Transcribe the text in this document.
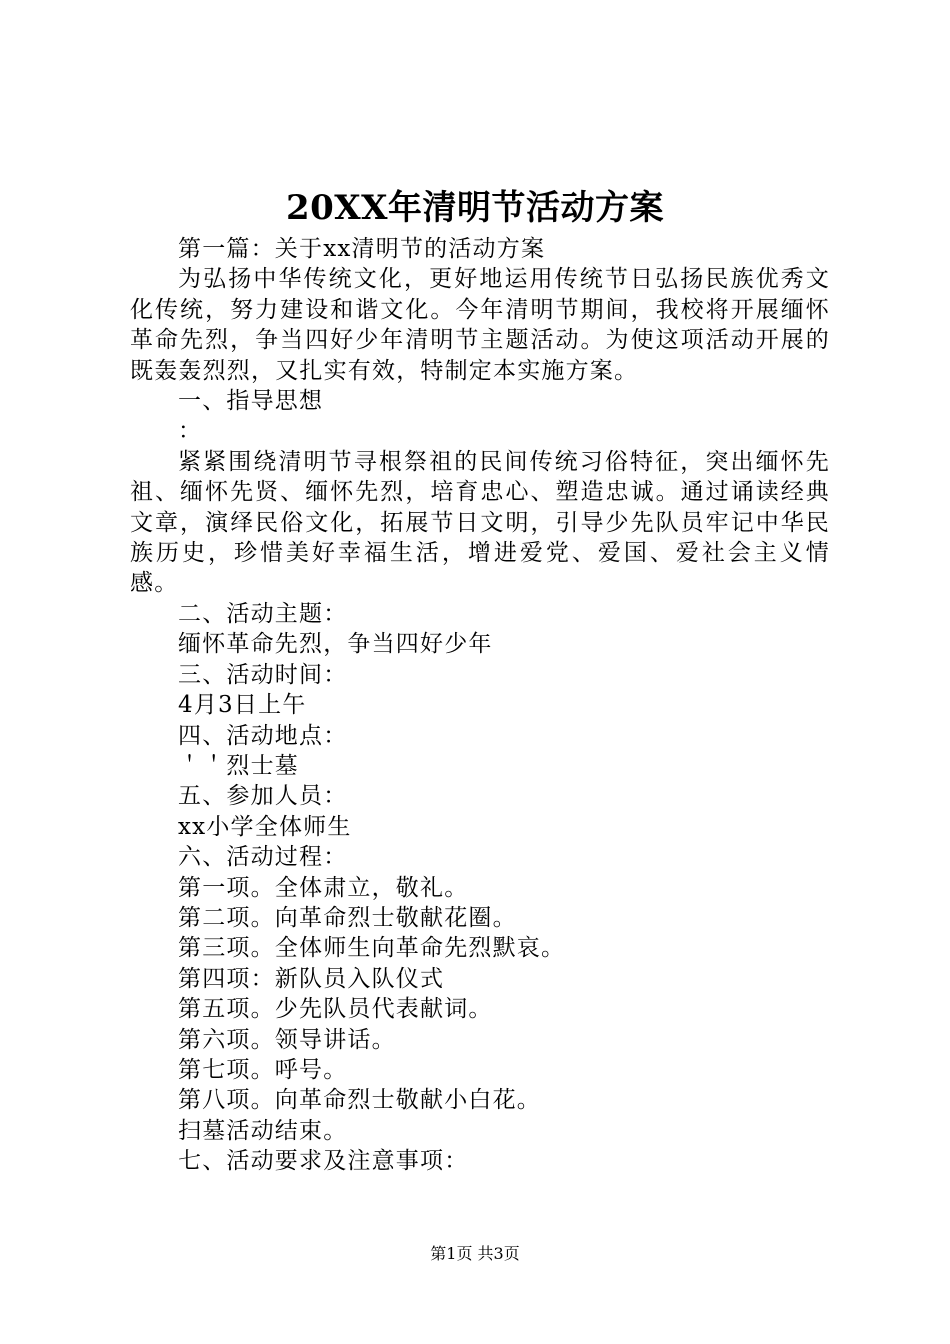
20XX年清明节活动方案

第一篇：关于xx清明节的活动方案

为弘扬中华传统文化，更好地运用传统节日弘扬民族优秀文化传统，努力建设和谐文化。今年清明节期间，我校将开展缅怀革命先烈，争当四好少年清明节主题活动。为使这项活动开展的既轰轰烈烈，又扎实有效，特制定本实施方案。

一、指导思想

：

紧紧围绕清明节寻根祭祖的民间传统习俗特征，突出缅怀先祖、缅怀先贤、缅怀先烈，培育忠心、塑造忠诚。通过诵读经典文章，演绎民俗文化，拓展节日文明，引导少先队员牢记中华民族历史，珍惜美好幸福生活，增进爱党、爱国、爱社会主义情感。

二、活动主题：

缅怀革命先烈，争当四好少年

三、活动时间：

4月3日上午

四、活动地点：

＇＇烈士墓

五、参加人员：

xx小学全体师生

六、活动过程：

第一项。全体肃立，敬礼。

第二项。向革命烈士敬献花圈。

第三项。全体师生向革命先烈默哀。

第四项：新队员入队仪式

第五项。少先队员代表献词。

第六项。领导讲话。

第七项。呼号。

第八项。向革命烈士敬献小白花。

扫墓活动结束。

七、活动要求及注意事项：

第1页 共3页
